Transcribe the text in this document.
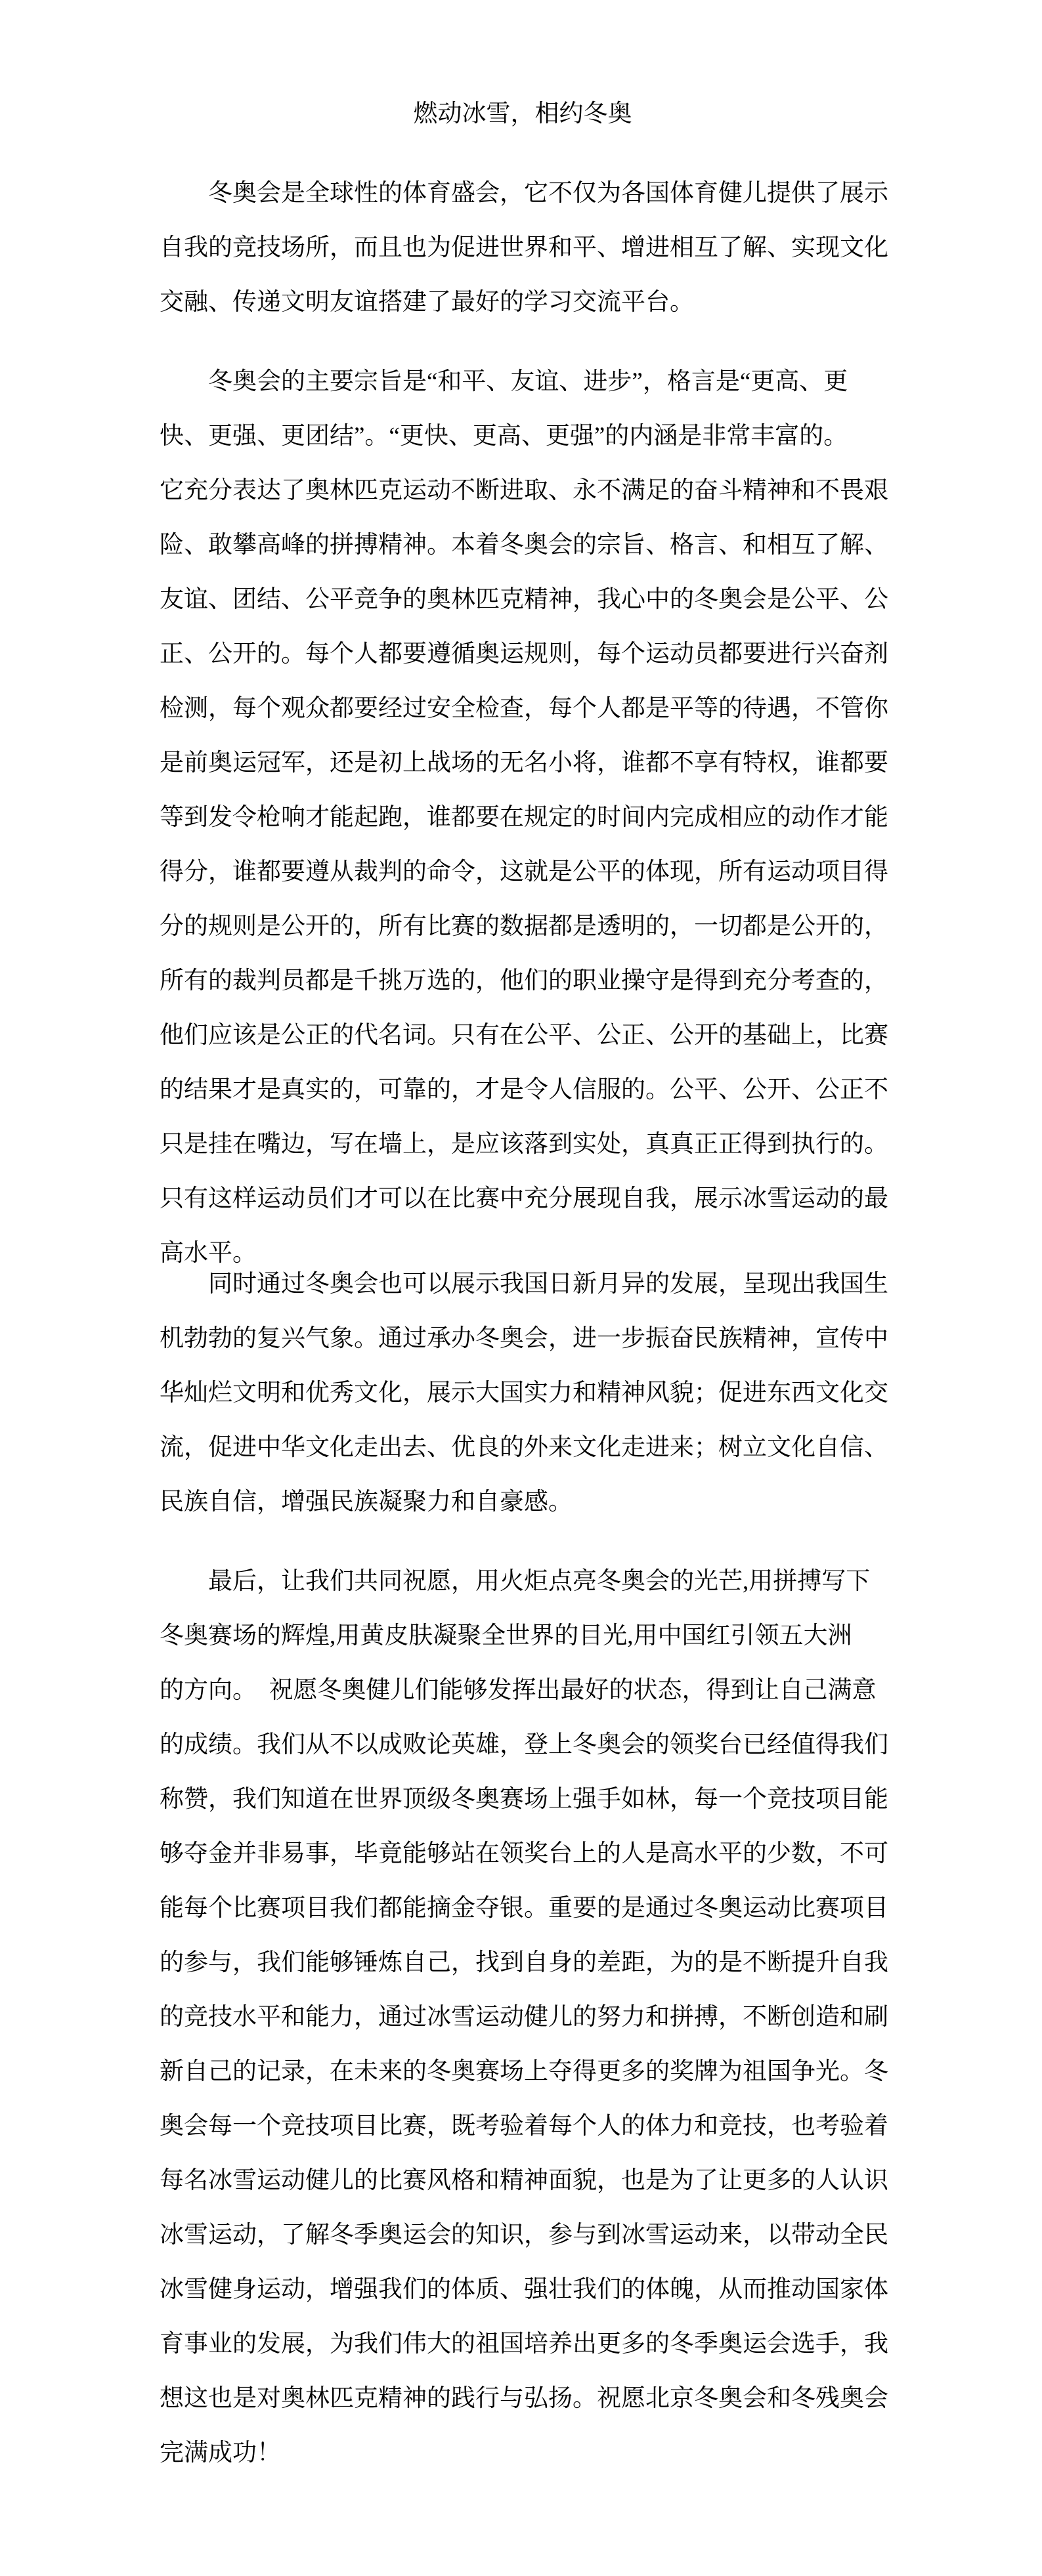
燃动冰雪，相约冬奥
冬奥会是全球性的体育盛会，它不仅为各国体育健儿提供了展示
自我的竞技场所，而且也为促进世界和平、增进相互了解、实现文化
交融、传递文明友谊搭建了最好的学习交流平台。
冬奥会的主要宗旨是“和平、友谊、进步”，格言是“更高、更
快、更强、更团结”。“更快、更高、更强”的内涵是非常丰富的。
它充分表达了奥林匹克运动不断进取、永不满足的奋斗精神和不畏艰
险、敢攀高峰的拼搏精神。本着冬奥会的宗旨、格言、和相互了解、
友谊、团结、公平竞争的奥林匹克精神，我心中的冬奥会是公平、公
正、公开的。每个人都要遵循奥运规则，每个运动员都要进行兴奋剂
检测，每个观众都要经过安全检查，每个人都是平等的待遇，不管你
是前奥运冠军，还是初上战场的无名小将，谁都不享有特权，谁都要
等到发令枪响才能起跑，谁都要在规定的时间内完成相应的动作才能
得分，谁都要遵从裁判的命令，这就是公平的体现，所有运动项目得
分的规则是公开的，所有比赛的数据都是透明的，一切都是公开的，
所有的裁判员都是千挑万选的，他们的职业操守是得到充分考查的，
他们应该是公正的代名词。只有在公平、公正、公开的基础上，比赛
的结果才是真实的，可靠的，才是令人信服的。公平、公开、公正不
只是挂在嘴边，写在墙上，是应该落到实处，真真正正得到执行的。
只有这样运动员们才可以在比赛中充分展现自我，展示冰雪运动的最
高水平。
同时通过冬奥会也可以展示我国日新月异的发展，呈现出我国生
机勃勃的复兴气象。通过承办冬奥会，进一步振奋民族精神，宣传中
华灿烂文明和优秀文化，展示大国实力和精神风貌；促进东西文化交
流，促进中华文化走出去、优良的外来文化走进来；树立文化自信、
民族自信，增强民族凝聚力和自豪感。
最后，让我们共同祝愿，用火炬点亮冬奥会的光芒,用拼搏写下
冬奥赛场的辉煌,用黄皮肤凝聚全世界的目光,用中国红引领五大洲
的方向。　祝愿冬奥健儿们能够发挥出最好的状态，得到让自己满意
的成绩。我们从不以成败论英雄，登上冬奥会的领奖台已经值得我们
称赞，我们知道在世界顶级冬奥赛场上强手如林，每一个竞技项目能
够夺金并非易事，毕竟能够站在领奖台上的人是高水平的少数，不可
能每个比赛项目我们都能摘金夺银。重要的是通过冬奥运动比赛项目
的参与，我们能够锤炼自己，找到自身的差距，为的是不断提升自我
的竞技水平和能力，通过冰雪运动健儿的努力和拼搏，不断创造和刷
新自己的记录，在未来的冬奥赛场上夺得更多的奖牌为祖国争光。冬
奥会每一个竞技项目比赛，既考验着每个人的体力和竞技，也考验着
每名冰雪运动健儿的比赛风格和精神面貌，也是为了让更多的人认识
冰雪运动，了解冬季奥运会的知识，参与到冰雪运动来，以带动全民
冰雪健身运动，增强我们的体质、强壮我们的体魄，从而推动国家体
育事业的发展，为我们伟大的祖国培养出更多的冬季奥运会选手，我
想这也是对奥林匹克精神的践行与弘扬。祝愿北京冬奥会和冬残奥会
完满成功！
